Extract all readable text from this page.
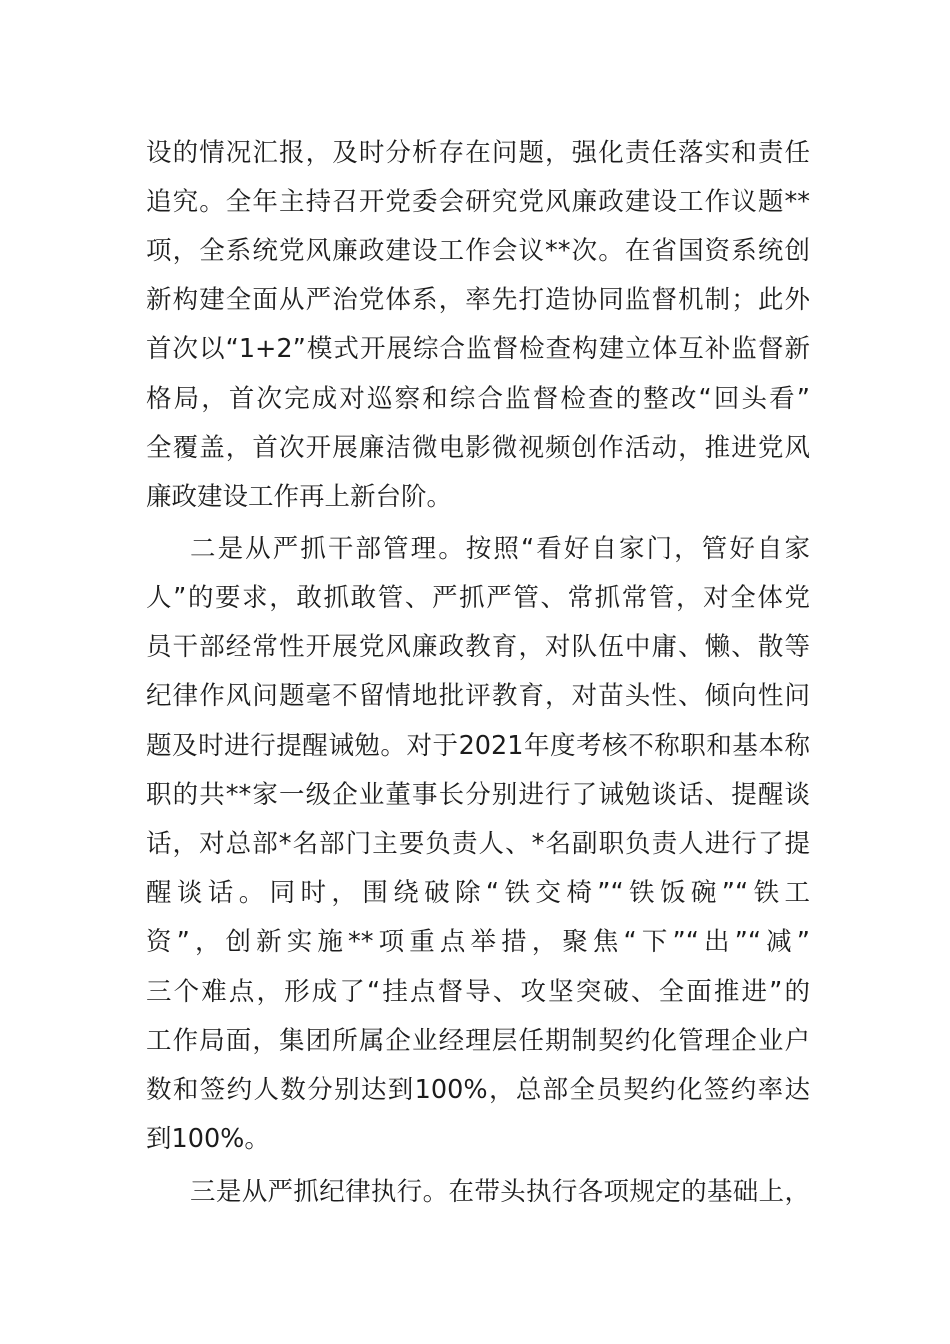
设的情况汇报，及时分析存在问题，强化责任落实和责任
追究。全年主持召开党委会研究党风廉政建设工作议题**
项，全系统党风廉政建设工作会议**次。在省国资系统创
新构建全面从严治党体系，率先打造协同监督机制；此外
首次以“1+2”模式开展综合监督检查构建立体互补监督新
格局，首次完成对巡察和综合监督检查的整改“回头看”
全覆盖，首次开展廉洁微电影微视频创作活动，推进党风
廉政建设工作再上新台阶。
二是从严抓干部管理。按照“看好自家门，管好自家
人”的要求，敢抓敢管、严抓严管、常抓常管，对全体党
员干部经常性开展党风廉政教育，对队伍中庸、懒、散等
纪律作风问题毫不留情地批评教育，对苗头性、倾向性问
题及时进行提醒诫勉。对于2021年度考核不称职和基本称
职的共**家一级企业董事长分别进行了诫勉谈话、提醒谈
话，对总部*名部门主要负责人、*名副职负责人进行了提
醒谈话。同时，围绕破除“铁交椅”“铁饭碗”“铁工
资”，创新实施**项重点举措，聚焦“下”“出”“减”
三个难点，形成了“挂点督导、攻坚突破、全面推进”的
工作局面，集团所属企业经理层任期制契约化管理企业户
数和签约人数分别达到100%，总部全员契约化签约率达
到100%。
三是从严抓纪律执行。在带头执行各项规定的基础上，
